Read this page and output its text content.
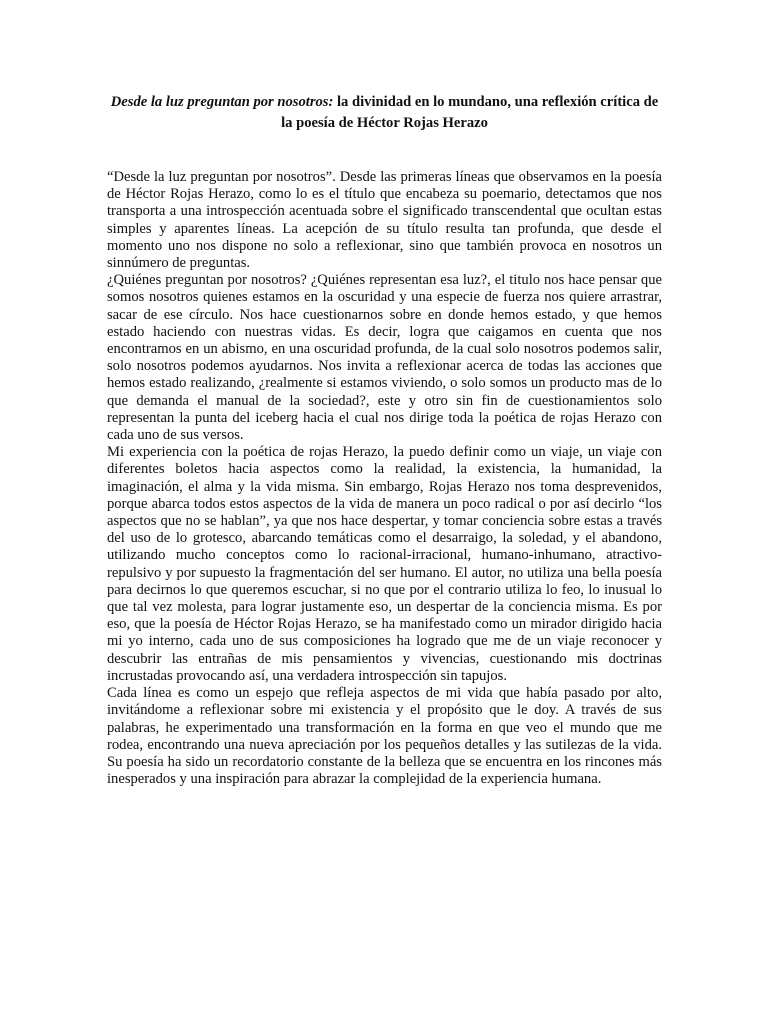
Desde la luz preguntan por nosotros: la divinidad en lo mundano, una reflexión crítica de la poesía de Héctor Rojas Herazo

“Desde la luz preguntan por nosotros”. Desde las primeras líneas que observamos en la poesía de Héctor Rojas Herazo, como lo es el título que encabeza su poemario, detectamos que nos transporta a una introspección acentuada sobre el significado transcendental que ocultan estas simples y aparentes líneas. La acepción de su título resulta tan profunda, que desde el momento uno nos dispone no solo a reflexionar, sino que también provoca en nosotros un sinnúmero de preguntas.

¿Quiénes preguntan por nosotros? ¿Quiénes representan esa luz?, el titulo nos hace pensar que somos nosotros quienes estamos en la oscuridad y una especie de fuerza nos quiere arrastrar, sacar de ese círculo. Nos hace cuestionarnos sobre en donde hemos estado, y que hemos estado haciendo con nuestras vidas. Es decir, logra que caigamos en cuenta que nos encontramos en un abismo, en una oscuridad profunda, de la cual solo nosotros podemos salir, solo nosotros podemos ayudarnos. Nos invita a reflexionar acerca de todas las acciones que hemos estado realizando, ¿realmente si estamos viviendo, o solo somos un producto mas de lo que demanda el manual de la sociedad?, este y otro sin fin de cuestionamientos solo representan la punta del iceberg hacia el cual nos dirige toda la poética de rojas Herazo con cada uno de sus versos.

Mi experiencia con la poética de rojas Herazo, la puedo definir como un viaje, un viaje con diferentes boletos hacia aspectos como la realidad, la existencia, la humanidad, la imaginación, el alma y la vida misma. Sin embargo, Rojas Herazo nos toma desprevenidos, porque abarca todos estos aspectos de la vida de manera un poco radical o por así decirlo “los aspectos que no se hablan”, ya que nos hace despertar, y tomar conciencia sobre estas a través del uso de lo grotesco, abarcando temáticas como el desarraigo, la soledad, y el abandono, utilizando mucho conceptos como lo racional-irracional, humano-inhumano, atractivo-repulsivo y por supuesto la fragmentación del ser humano. El autor, no utiliza una bella poesía para decirnos lo que queremos escuchar, si no que por el contrario utiliza lo feo, lo inusual lo que tal vez molesta, para lograr justamente eso, un despertar de la conciencia misma. Es por eso, que la poesía de Héctor Rojas Herazo, se ha manifestado como un mirador dirigido hacia mi yo interno, cada uno de sus composiciones ha logrado que me de un viaje reconocer y descubrir las entrañas de mis pensamientos y vivencias, cuestionando mis doctrinas incrustadas provocando así, una verdadera introspección sin tapujos.

Cada línea es como un espejo que refleja aspectos de mi vida que había pasado por alto, invitándome a reflexionar sobre mi existencia y el propósito que le doy. A través de sus palabras, he experimentado una transformación en la forma en que veo el mundo que me rodea, encontrando una nueva apreciación por los pequeños detalles y las sutilezas de la vida. Su poesía ha sido un recordatorio constante de la belleza que se encuentra en los rincones más inesperados y una inspiración para abrazar la complejidad de la experiencia humana.
